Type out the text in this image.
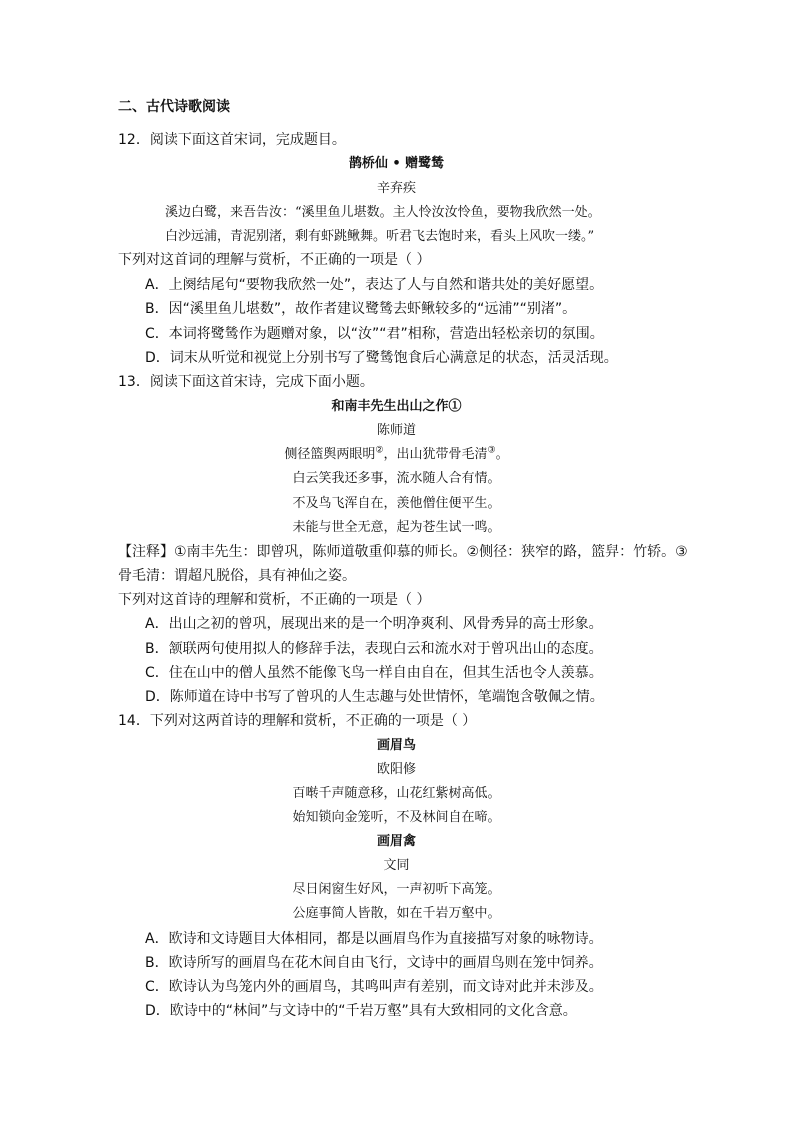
二、古代诗歌阅读
12．阅读下面这首宋词，完成题目。
鹊桥仙 • 赠鹭鸶
辛弃疾
溪边白鹭，来吾告汝：“溪里鱼儿堪数。主人怜汝汝怜鱼，要物我欣然一处。
白沙远浦，青泥别渚，剩有虾跳鳅舞。听君飞去饱时来，看头上风吹一缕。”
下列对这首词的理解与赏析，不正确的一项是（ ）
A．上阕结尾句“要物我欣然一处”，表达了人与自然和谐共处的美好愿望。
B．因“溪里鱼儿堪数”，故作者建议鹭鸶去虾鳅较多的“远浦”“别渚”。
C．本词将鹭鸶作为题赠对象，以“汝”“君”相称，营造出轻松亲切的氛围。
D．词末从听觉和视觉上分别书写了鹭鸶饱食后心满意足的状态，活灵活现。
13．阅读下面这首宋诗，完成下面小题。
和南丰先生出山之作①
陈师道
侧径篮舆两眼明②，出山犹带骨毛清③。
白云笑我还多事，流水随人合有情。
不及鸟飞浑自在，羡他僧住便平生。
未能与世全无意，起为苍生试一鸣。
【注释】①南丰先生：即曾巩，陈师道敬重仰慕的师长。②侧径：狭窄的路，篮舁：竹轿。③
骨毛清：谓超凡脱俗，具有神仙之姿。
下列对这首诗的理解和赏析，不正确的一项是（ ）
A．出山之初的曾巩，展现出来的是一个明净爽利、风骨秀异的高士形象。
B．颔联两句使用拟人的修辞手法，表现白云和流水对于曾巩出山的态度。
C．住在山中的僧人虽然不能像飞鸟一样自由自在，但其生活也令人羡慕。
D．陈师道在诗中书写了曾巩的人生志趣与处世情怀，笔端饱含敬佩之情。
14．下列对这两首诗的理解和赏析，不正确的一项是（ ）
画眉鸟
欧阳修
百啭千声随意移，山花红紫树高低。
始知锁向金笼听，不及林间自在啼。
画眉禽
文同
尽日闲窗生好风，一声初听下高笼。
公庭事简人皆散，如在千岩万壑中。
A．欧诗和文诗题目大体相同，都是以画眉鸟作为直接描写对象的咏物诗。
B．欧诗所写的画眉鸟在花木间自由飞行，文诗中的画眉鸟则在笼中饲养。
C．欧诗认为鸟笼内外的画眉鸟，其鸣叫声有差别，而文诗对此并未涉及。
D．欧诗中的“林间”与文诗中的“千岩万壑”具有大致相同的文化含意。
